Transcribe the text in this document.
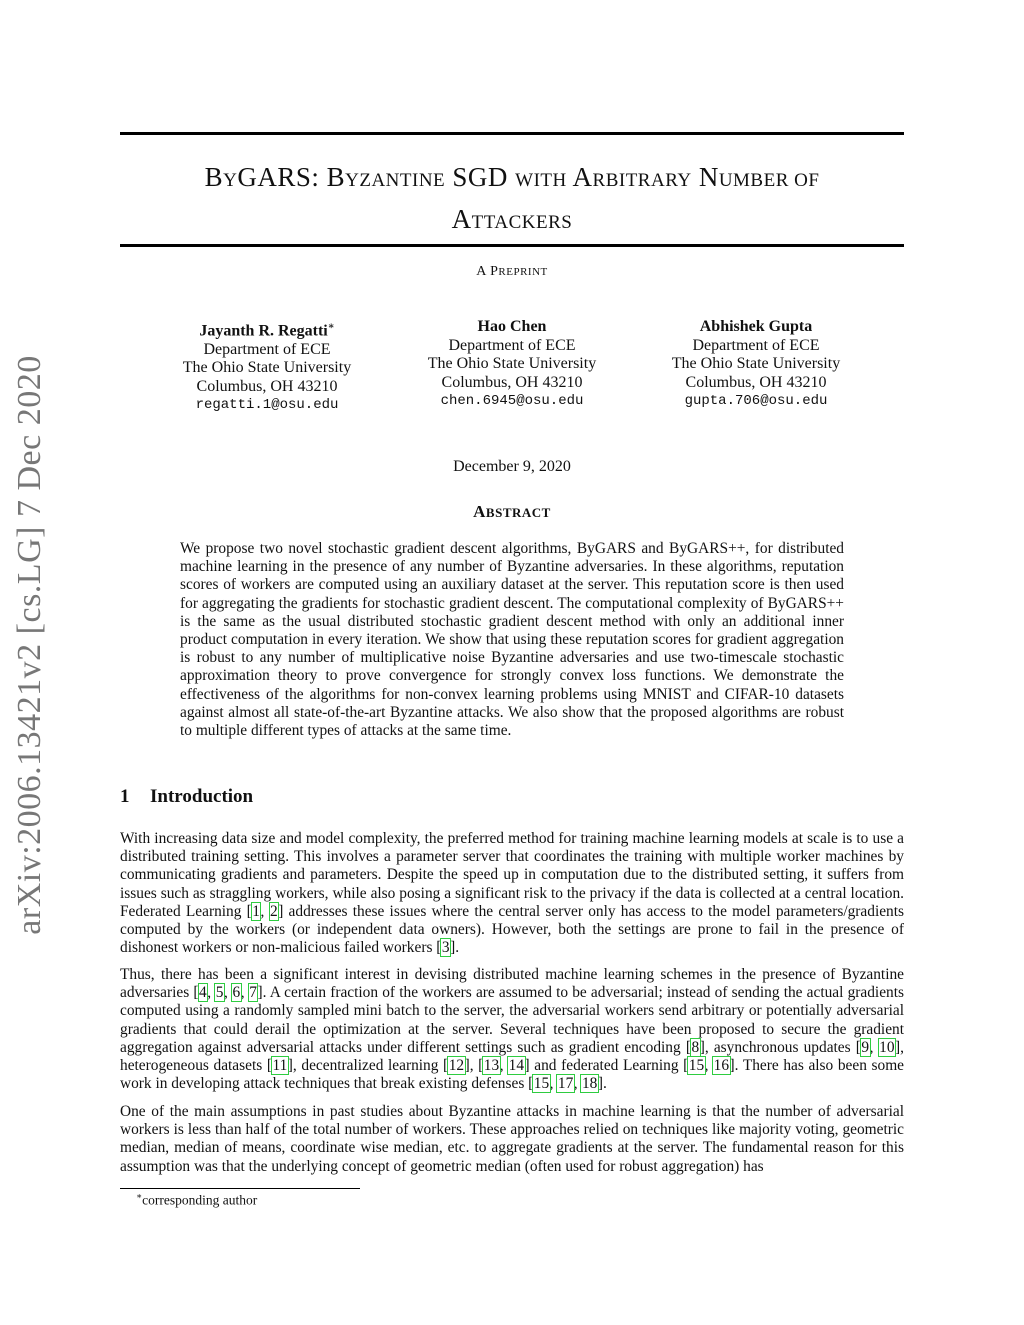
arXiv:2006.13421v2 [cs.LG] 7 Dec 2020
BYGARS: BYZANTINE SGD WITH ARBITRARY NUMBER OF
ATTACKERS
A PREPRINT
Jayanth R. Regatti∗
Department of ECE
The Ohio State University
Columbus, OH 43210
regatti.1@osu.edu
Hao Chen
Department of ECE
The Ohio State University
Columbus, OH 43210
chen.6945@osu.edu
Abhishek Gupta
Department of ECE
The Ohio State University
Columbus, OH 43210
gupta.706@osu.edu
December 9, 2020
ABSTRACT
We propose two novel stochastic gradient descent algorithms, ByGARS and ByGARS++, for distributed machine learning in the presence of any number of Byzantine adversaries. In these algorithms, reputation scores of workers are computed using an auxiliary dataset at the server. This reputation score is then used for aggregating the gradients for stochastic gradient descent. The computational complexity of ByGARS++ is the same as the usual distributed stochastic gradient descent method with only an additional inner product computation in every iteration. We show that using these reputation scores for gradient aggregation is robust to any number of multiplicative noise Byzantine adversaries and use two-timescale stochastic approximation theory to prove convergence for strongly convex loss functions. We demonstrate the effectiveness of the algorithms for non-convex learning problems using MNIST and CIFAR-10 datasets against almost all state-of-the-art Byzantine attacks. We also show that the proposed algorithms are robust to multiple different types of attacks at the same time.
1 Introduction
With increasing data size and model complexity, the preferred method for training machine learning models at scale is to use a distributed training setting. This involves a parameter server that coordinates the training with multiple worker machines by communicating gradients and parameters. Despite the speed up in computation due to the distributed setting, it suffers from issues such as straggling workers, while also posing a significant risk to the privacy if the data is collected at a central location. Federated Learning [1, 2] addresses these issues where the central server only has access to the model parameters/gradients computed by the workers (or independent data owners). However, both the settings are prone to fail in the presence of dishonest workers or non-malicious failed workers [3].
Thus, there has been a significant interest in devising distributed machine learning schemes in the presence of Byzantine adversaries [4, 5, 6, 7]. A certain fraction of the workers are assumed to be adversarial; instead of sending the actual gradients computed using a randomly sampled mini batch to the server, the adversarial workers send arbitrary or potentially adversarial gradients that could derail the optimization at the server. Several techniques have been proposed to secure the gradient aggregation against adversarial attacks under different settings such as gradient encoding [8], asynchronous updates [9, 10], heterogeneous datasets [11], decentralized learning [12], [13, 14] and federated Learning [15, 16]. There has also been some work in developing attack techniques that break existing defenses [15, 17, 18].
One of the main assumptions in past studies about Byzantine attacks in machine learning is that the number of adversarial workers is less than half of the total number of workers. These approaches relied on techniques like majority voting, geometric median, median of means, coordinate wise median, etc. to aggregate gradients at the server. The fundamental reason for this assumption was that the underlying concept of geometric median (often used for robust aggregation) has
∗corresponding author
